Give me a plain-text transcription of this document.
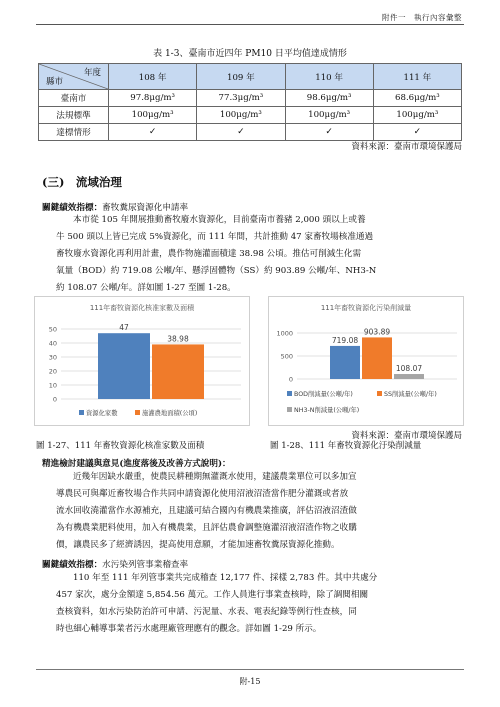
附件一　執行內容彙整
表 1-3、臺南市近四年 PM10 日平均值達成情形
年度
縣市	108 年	109 年	110 年	111 年
臺南市	97.8μg/m³	77.3μg/m³	98.6μg/m³	68.6μg/m³
法規標準	100μg/m³	100μg/m³	100μg/m³	100μg/m³
達標情形	✓	✓	✓	✓
資料來源：臺南市環境保護局
(三)　流域治理
關鍵績效指標：畜牧糞尿資源化申請率
本市從 105 年開展推動畜牧廢水資源化，目前臺南市養豬 2,000 頭以上或養
牛 500 頭以上皆已完成 5%資源化，而 111 年間，共計推動 47 家畜牧場核准通過
畜牧廢水資源化再利用計畫，農作物施灌面積達 38.98 公頃。推估可削減生化需
氧量（BOD）約 719.08 公噸/年、懸浮固體物（SS）約 903.89 公噸/年、NH3-N
約 108.07 公噸/年。詳如圖 1-27 至圖 1-28。
111年畜牧資源化核准家數及面積
0
10
20
30
40
50	47
38.98
資源化家數	施灌農地面積(公頃)
111年畜牧資源化污染削減量
0
500
1000
719.08
903.89
108.07
BOD削減量(公噸/年)	SS削減量(公噸/年)
NH3-N削減量(公噸/年)
資料來源：臺南市環境保護局
圖 1-27、111 年畜牧資源化核准家數及面積	圖 1-28、111 年畜牧資源化汙染削減量
精進檢討建議與意見(進度落後及改善方式說明)：
近幾年因缺水嚴重，使農民耕種期無灌溉水使用，建議農業單位可以多加宣
導農民可與鄰近畜牧場合作共同申請資源化使用沼液沼渣當作肥分灌溉或者放
流水回收澆灌當作水源補充，且建議可結合國內有機農業推廣，評估沼液沼渣做
為有機農業肥料使用，加入有機農業，且評估農會調整施灌沼液沼渣作物之收購
價，讓農民多了經濟誘因，提高使用意願，才能加速畜牧糞尿資源化推動。
關鍵績效指標：水污染列管事業稽查率
110 年至 111 年列管事業共完成稽查 12,177 件、採樣 2,783 件。其中共處分
457 家次，處分金額達 5,854.56 萬元。工作人員進行事業查核時，除了調閱相關
查核資料，如水污染防治許可申請、污泥量、水表、電表紀錄等例行性查核，同
時也細心輔導事業者污水處理廠管理應有的觀念。詳如圖 1-29 所示。
附-15
